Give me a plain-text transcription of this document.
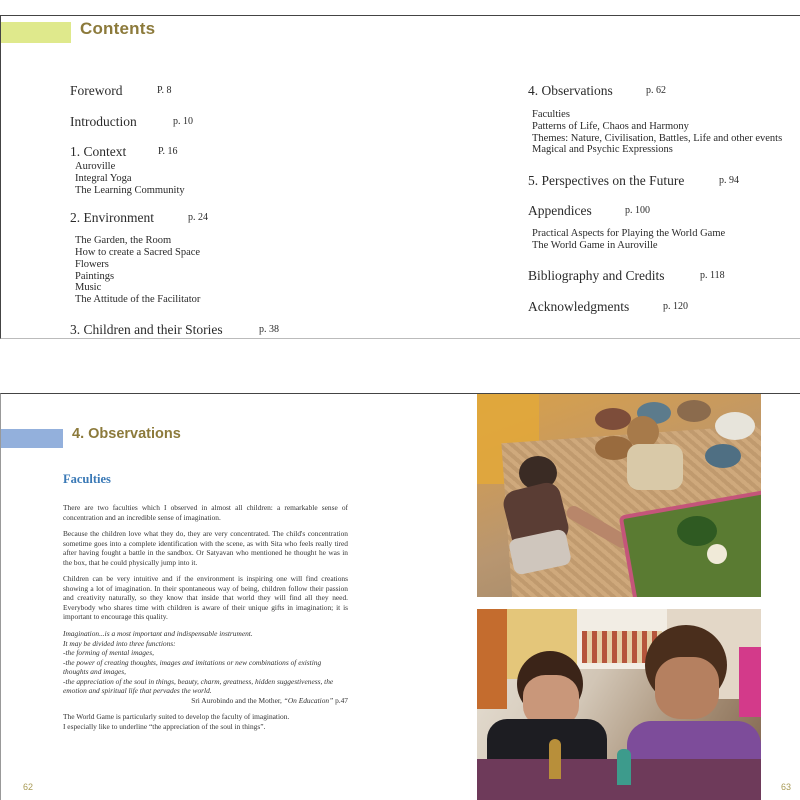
Contents
Foreword	P. 8
Introduction	p. 10
1. Context	P. 16
Auroville
Integral Yoga
The Learning Community
2. Environment	p. 24
The Garden, the Room
How to create a Sacred Space
Flowers
Paintings
Music
The Attitude of the Facilitator
3. Children and their Stories	p. 38
4. Observations	p. 62
Faculties
Patterns of Life, Chaos and Harmony
Themes: Nature, Civilisation, Battles, Life and other events
Magical and Psychic Expressions
5. Perspectives on the Future	p. 94
Appendices	p. 100
Practical Aspects for Playing the World Game
The World Game in Auroville
Bibliography and Credits	p. 118
Acknowledgments	p. 120
4. Observations
Faculties

There are two faculties which I observed in almost all children: a remarkable sense of concentration and an incredible sense of imagination.

Because the children love what they do, they are very concentrated. The child's concentration sometime goes into a complete identification with the scene, as with Sita who feels really tired after having fought a battle in the sandbox. Or Satyavan who mentioned he thought he was in the box, that he could physically jump into it.

Children can be very intuitive and if the environment is inspiring one will find creations showing a lot of imagination. In their spontaneous way of being, children follow their passion and creativity naturally, so they know that inside that world they will find all they need. Everybody who shares time with children is aware of their unique gifts in imagination; it is important to encourage this quality.

Imagination...is a most important and indispensable instrument.
It may be divided into three functions:
-the forming of mental images,
-the power of creating thoughts, images and imitations or new combinations of existing thoughts and images,
-the appreciation of the soul in things, beauty, charm, greatness, hidden suggestiveness, the emotion and spiritual life that pervades the world.
Sri Aurobindo and the Mother, “On Education” p.47

The World Game is particularly suited to develop the faculty of imagination.
I especially like to underline “the appreciation of the soul in things”.

62	63
